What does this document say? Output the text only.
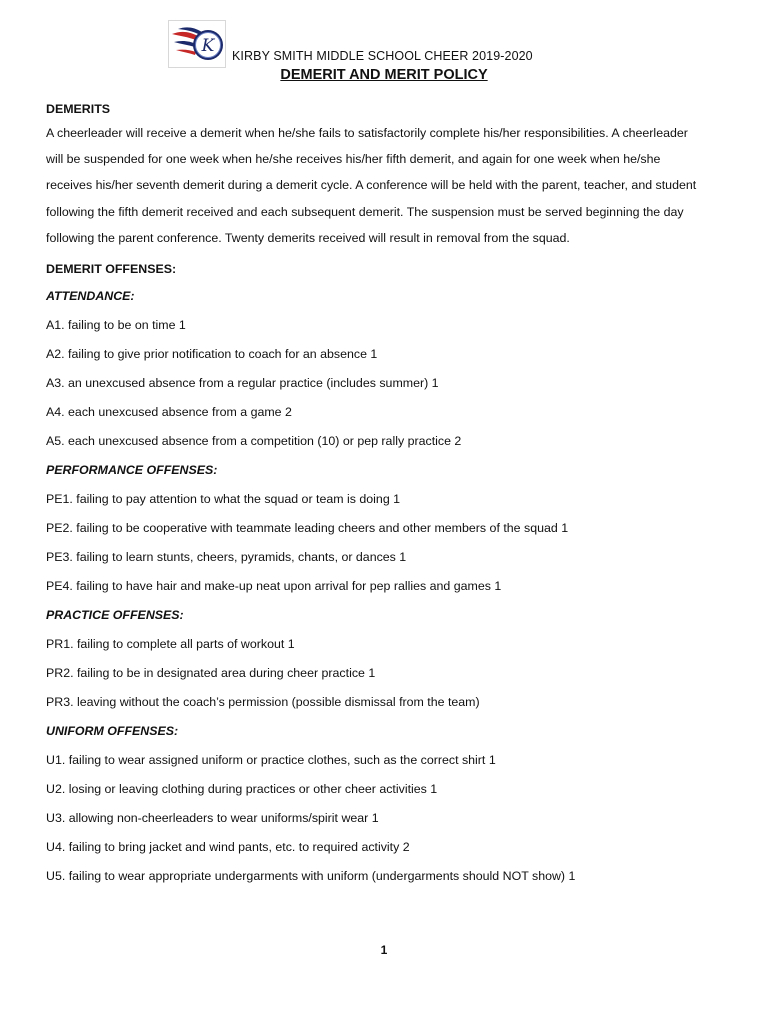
K KIRBY SMITH MIDDLE SCHOOL CHEER 2019-2020
DEMERIT AND MERIT POLICY

DEMERITS

A cheerleader will receive a demerit when he/she fails to satisfactorily complete his/her responsibilities. A cheerleader
will be suspended for one week when he/she receives his/her fifth demerit, and again for one week when he/she
receives his/her seventh demerit during a demerit cycle. A conference will be held with the parent, teacher, and student
following the fifth demerit received and each subsequent demerit. The suspension must be served beginning the day
following the parent conference. Twenty demerits received will result in removal from the squad.

DEMERIT OFFENSES:

ATTENDANCE:

A1. failing to be on time 1

A2. failing to give prior notification to coach for an absence 1

A3. an unexcused absence from a regular practice (includes summer) 1

A4. each unexcused absence from a game 2

A5. each unexcused absence from a competition (10) or pep rally practice 2

PERFORMANCE OFFENSES:

PE1. failing to pay attention to what the squad or team is doing 1

PE2. failing to be cooperative with teammate leading cheers and other members of the squad 1

PE3. failing to learn stunts, cheers, pyramids, chants, or dances 1

PE4. failing to have hair and make-up neat upon arrival for pep rallies and games 1

PRACTICE OFFENSES:

PR1. failing to complete all parts of workout 1

PR2. failing to be in designated area during cheer practice 1

PR3. leaving without the coach’s permission (possible dismissal from the team)

UNIFORM OFFENSES:

U1. failing to wear assigned uniform or practice clothes, such as the correct shirt 1

U2. losing or leaving clothing during practices or other cheer activities 1

U3. allowing non-cheerleaders to wear uniforms/spirit wear 1

U4. failing to bring jacket and wind pants, etc. to required activity 2

U5. failing to wear appropriate undergarments with uniform (undergarments should NOT show) 1

1
